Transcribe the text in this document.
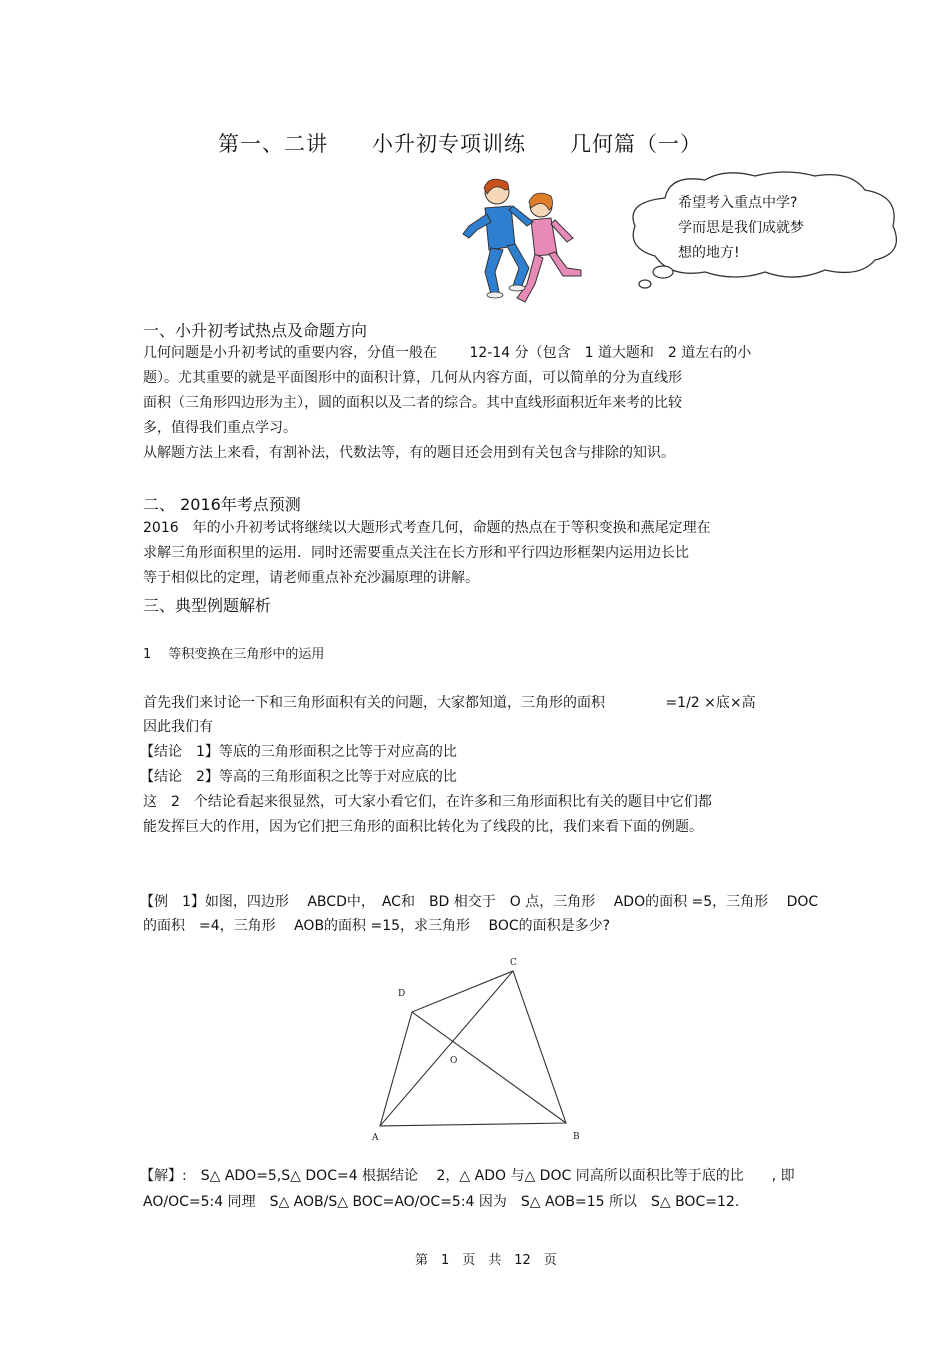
第一、二讲　　小升初专项训练　　几何篇（一）
希望考入重点中学?
学而思是我们成就梦
想的地方!
一、小升初考试热点及命题方向
几何问题是小升初考试的重要内容，分值一般在　　 12-14 分（包含　1 道大题和　2 道左右的小
题）。尤其重要的就是平面图形中的面积计算，几何从内容方面，可以简单的分为直线形
面积（三角形四边形为主），圆的面积以及二者的综合。其中直线形面积近年来考的比较
多，值得我们重点学习。
从解题方法上来看，有割补法，代数法等，有的题目还会用到有关包含与排除的知识。
二、 2016年考点预测
2016　年的小升初考试将继续以大题形式考查几何，命题的热点在于等积变换和燕尾定理在
求解三角形面积里的运用．同时还需要重点关注在长方形和平行四边形框架内运用边长比
等于相似比的定理，请老师重点补充沙漏原理的讲解。
三、典型例题解析
1　 等积变换在三角形中的运用
首先我们来讨论一下和三角形面积有关的问题，大家都知道，三角形的面积　　　　 =1/2 ×底×高
因此我们有
【结论　1】等底的三角形面积之比等于对应高的比
【结论　2】等高的三角形面积之比等于对应底的比
这　2　个结论看起来很显然，可大家小看它们，在许多和三角形面积比有关的题目中它们都
能发挥巨大的作用，因为它们把三角形的面积比转化为了线段的比，我们来看下面的例题。
【例　1】如图，四边形　 ABCD中，　AC和　BD 相交于　O 点，三角形　 ADO的面积 =5，三角形　 DOC
的面积　=4，三角形　 AOB的面积 =15，求三角形　 BOC的面积是多少?
A	B
C
D
O
【解】:　S△ ADO=5,S△ DOC=4 根据结论　 2，△ ADO 与△ DOC 同高所以面积比等于底的比　　, 即
AO/OC=5:4 同理　S△ AOB/S△ BOC=AO/OC=5:4 因为　S△ AOB=15 所以　S△ BOC=12.
第　1　页　共　12　页
